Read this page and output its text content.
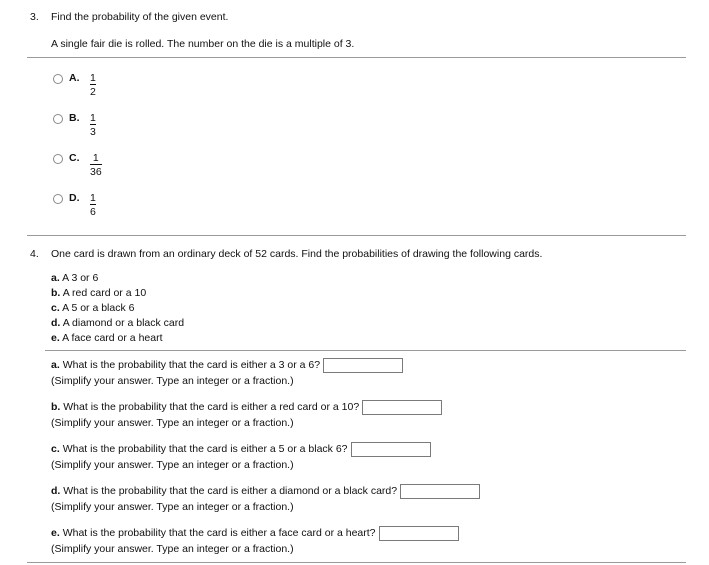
3. Find the probability of the given event.
A single fair die is rolled. The number on the die is a multiple of 3.
A. 1
2
B. 1
3
C. 1
36
D. 1
6
4. One card is drawn from an ordinary deck of 52 cards. Find the probabilities of drawing the following cards.
a. A 3 or 6
b. A red card or a 10
c. A 5 or a black 6
d. A diamond or a black card
e. A face card or a heart
a. What is the probability that the card is either a 3 or a 6?
(Simplify your answer. Type an integer or a fraction.)
b. What is the probability that the card is either a red card or a 10?
(Simplify your answer. Type an integer or a fraction.)
c. What is the probability that the card is either a 5 or a black 6?
(Simplify your answer. Type an integer or a fraction.)
d. What is the probability that the card is either a diamond or a black card?
(Simplify your answer. Type an integer or a fraction.)
e. What is the probability that the card is either a face card or a heart?
(Simplify your answer. Type an integer or a fraction.)
